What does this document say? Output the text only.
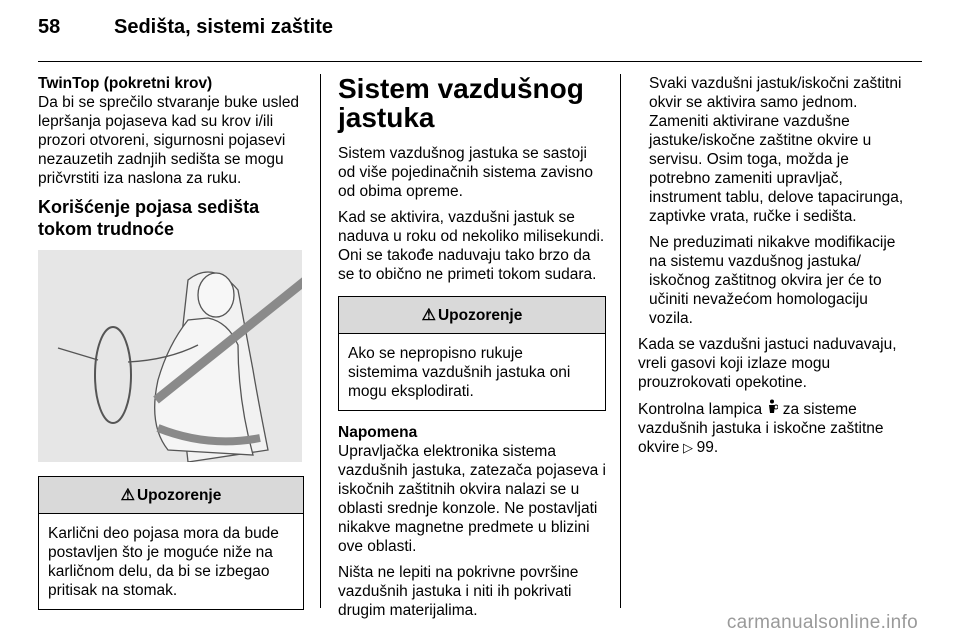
58	Sedišta, sistemi zaštite
TwinTop (pokretni krov)

Da bi se sprečilo stvaranje buke usled lepršanja pojaseva kad su krov i/ili prozori otvoreni, sigurnosni pojasevi nezauzetih zadnjih sedišta se mogu pričvrstiti iza naslona za ruku.

Korišćenje pojasa sedišta tokom trudnoće
⚠ Upozorenje
Karlični deo pojasa mora da bude postavljen što je moguće niže na karličnom delu, da bi se izbegao pritisak na stomak.
Sistem vazdušnog jastuka

Sistem vazdušnog jastuka se sastoji od više pojedinačnih sistema zavisno od obima opreme.

Kad se aktivira, vazdušni jastuk se naduva u roku od nekoliko milisekundi. Oni se takođe naduvaju tako brzo da se to obično ne primeti tokom sudara.

⚠ Upozorenje
Ako se nepropisno rukuje sistemima vazdušnih jastuka oni mogu eksplodirati.
Napomena

Upravljačka elektronika sistema vazdušnih jastuka, zatezača pojaseva i iskočnih zaštitnih okvira nalazi se u oblasti srednje konzole. Ne postavljati nikakve magnetne predmete u blizini ove oblasti.

Ništa ne lepiti na pokrivne površine vazdušnih jastuka i niti ih pokrivati drugim materijalima.

Svaki vazdušni jastuk/iskočni zaštitni okvir se aktivira samo jednom. Zameniti aktivirane vazdušne jastuke/iskočne zaštitne okvire u servisu. Osim toga, možda je potrebno zameniti upravljač, instrument tablu, delove tapacirunga, zaptivke vrata, ručke i sedišta.

Ne preduzimati nikakve modifikacije na sistemu vazdušnog jastuka/ iskočnog zaštitnog okvira jer će to učiniti nevažećom homologaciju vozila.

Kada se vazdušni jastuci naduvavaju, vreli gasovi koji izlaze mogu prouzrokovati opekotine.

Kontrolna lampica za sisteme vazdušnih jastuka i iskočne zaštitne okvire ▷ 99.

carmanualsonline.info
